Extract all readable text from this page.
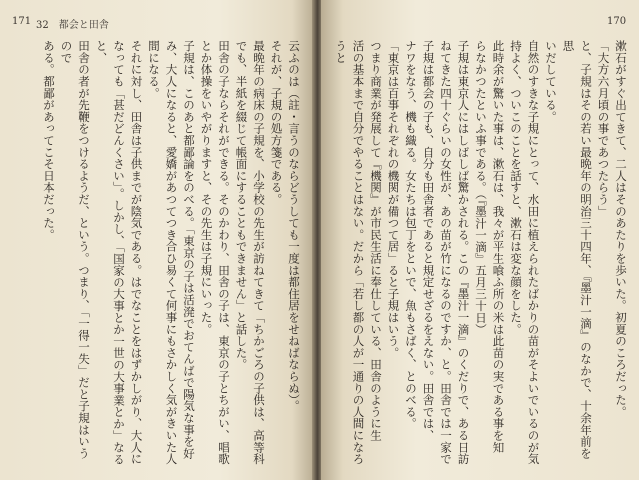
171 32　都会と田舎
云ふのは（註・言うのならどうしても一度は都住居をせねばならぬ）。
それが、子規の処方箋である。
最晩年の病床の子規を、小学校の先生が訪ねてきて「ちかごろの子供は、高等科
でも、半紙を綴じて帳面にすることもできません」と話した。
田舎の子ならそれができる。そのかわり、田舎の子は、東京の子とちがい、唱歌
とか体操をいやがりますと、その先生は子規にいった。
子規は、このあと都鄙論をのべる。「東京の子は活溌でおてんばで陽気な事を好
み、大人になると、愛嬌があつてつき合ひ易くて何事にもさかしく気がきいた人
間になる。
それに対し、田舎は子供までが陰気である。はでなことをはずかしがり、大人に
なっても「甚だどんくさい」。しかし、「国家の大事とか一世の大事業とか」なると、
田舎の者が先鞭をつけるようだ、という。つまり、「一得一失」だと子規はいうので
ある。都鄙があってこそ日本だった。
170
漱石がすぐ出てきて、二人はそのあたりを歩いた。初夏のころだった。
「大方六月頃の事であつたらう」
と、子規はその若い最晩年の明治三十四年、『墨汁一滴』のなかで、十余年前を思
いだしている。
自然のすきな子規にとって、水田に植えられたばかりの苗がそよいでいるのが気
持よく、ついこのことを話すと、漱石は変な顔をした。
此時余が驚いた事は、漱石は、我々が平生喰ふ所の米は此苗の実である事を知
らなかつたといふ事である。（『墨汁一滴』五月三十日）
子規は東京人にはしばしば驚かされる。この『墨汁一滴』のくだりで、ある日訪
ねてきた四十ぐらいの女性が、あの苗が竹になるのですか、と。田舎では一家で
子規は都会の子も、自分も田舎者であると規定せざるをえない。田舎では、
ナワをなう、機も織る。女たちは包丁をといで、魚もさばく、とのべる。
「東京は百事それぞれの機関が備つて居」ると子規はいう。
つまり商業が発展して『機関』が市民生活に奉仕している、田舎のように生
活の基本まで自分でやることはない。だから「若し都の人が一通りの人間になろうと
